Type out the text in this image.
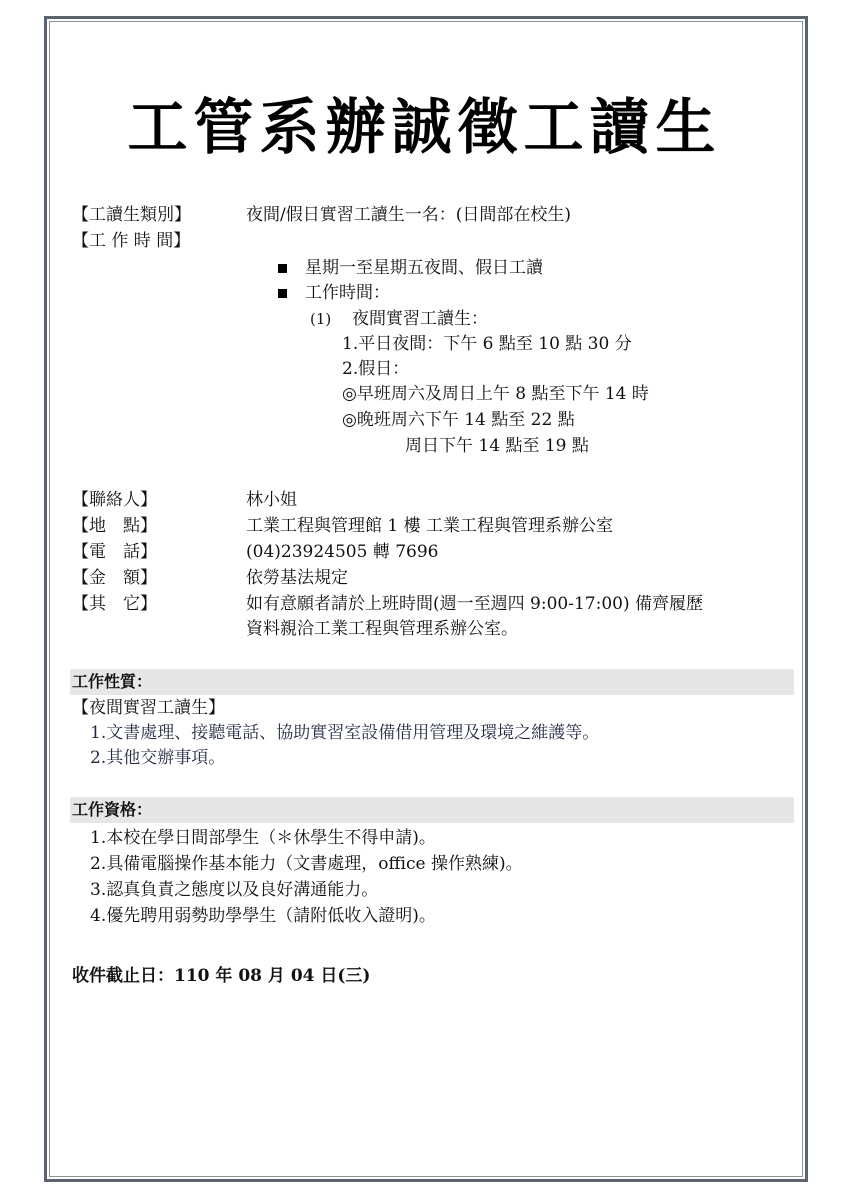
工管系辦誠徵工讀生
【工讀生類別】	夜間/假日實習工讀生一名：(日間部在校生)
【工 作 時 間】
星期一至星期五夜間、假日工讀
工作時間：
(1) 夜間實習工讀生：
1.平日夜間：下午 6 點至 10 點 30 分
2.假日：
◎早班周六及周日上午 8 點至下午 14 時
◎晚班周六下午 14 點至 22 點
周日下午 14 點至 19 點
【聯絡人】	林小姐
【地　點】	工業工程與管理館 1 樓 工業工程與管理系辦公室
【電　話】	(04)23924505 轉 7696
【金　額】	依勞基法規定
【其　它】	如有意願者請於上班時間(週一至週四 9:00-17:00) 備齊履歷
資料親洽工業工程與管理系辦公室。
工作性質：
【夜間實習工讀生】
1.文書處理、接聽電話、協助實習室設備借用管理及環境之維護等。
2.其他交辦事項。
工作資格：
1.本校在學日間部學生（＊休學生不得申請)。
2.具備電腦操作基本能力（文書處理，office 操作熟練)。
3.認真負責之態度以及良好溝通能力。
4.優先聘用弱勢助學學生（請附低收入證明)。
收件截止日：110 年 08 月 04 日(三)
